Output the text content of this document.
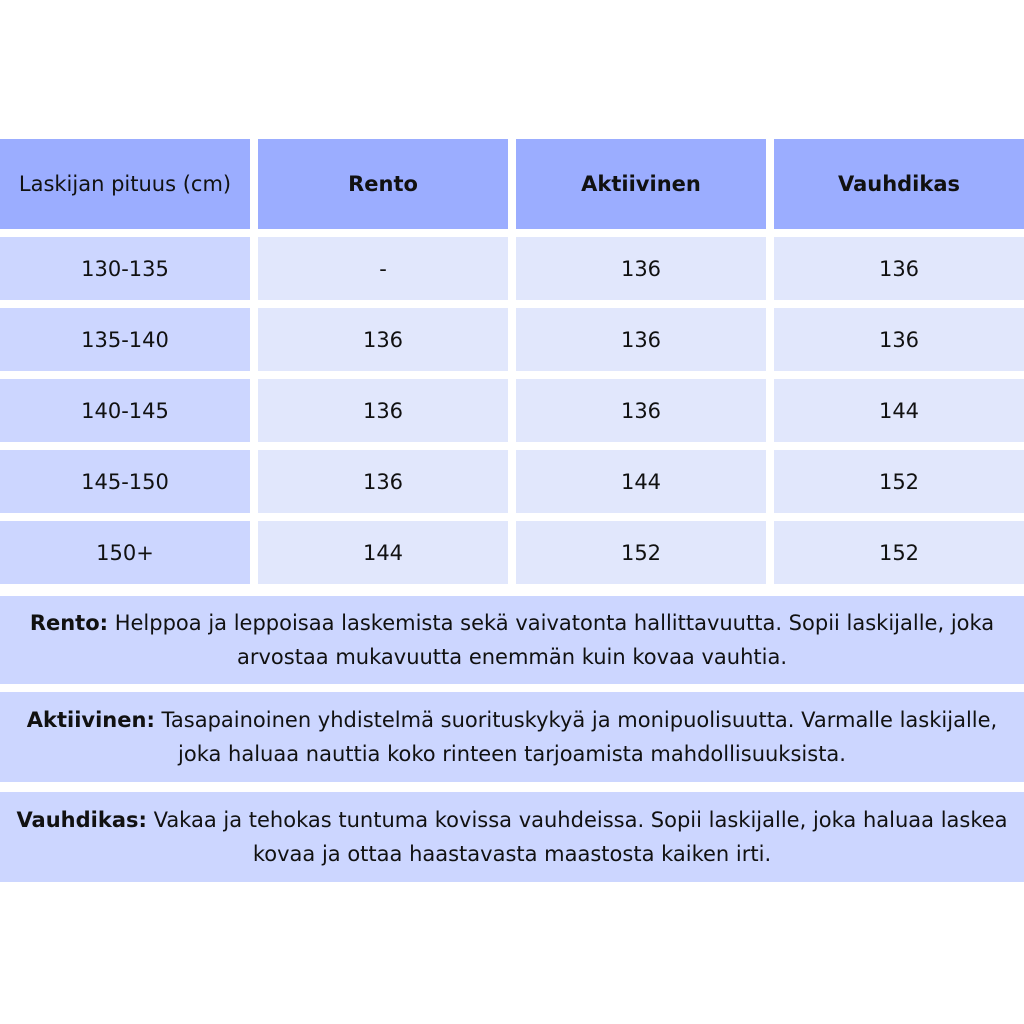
Laskijan pituus (cm)	Rento	Aktiivinen	Vauhdikas
130-135	-	136	136
135-140	136	136	136
140-145	136	136	144
145-150	136	144	152
150+	144	152	152
Rento: Helppoa ja leppoisaa laskemista sekä vaivatonta hallittavuutta. Sopii laskijalle, joka arvostaa mukavuutta enemmän kuin kovaa vauhtia.
Aktiivinen: Tasapainoinen yhdistelmä suorituskykyä ja monipuolisuutta. Varmalle laskijalle, joka haluaa nauttia koko rinteen tarjoamista mahdollisuuksista.
Vauhdikas: Vakaa ja tehokas tuntuma kovissa vauhdeissa. Sopii laskijalle, joka haluaa laskea kovaa ja ottaa haastavasta maastosta kaiken irti.
